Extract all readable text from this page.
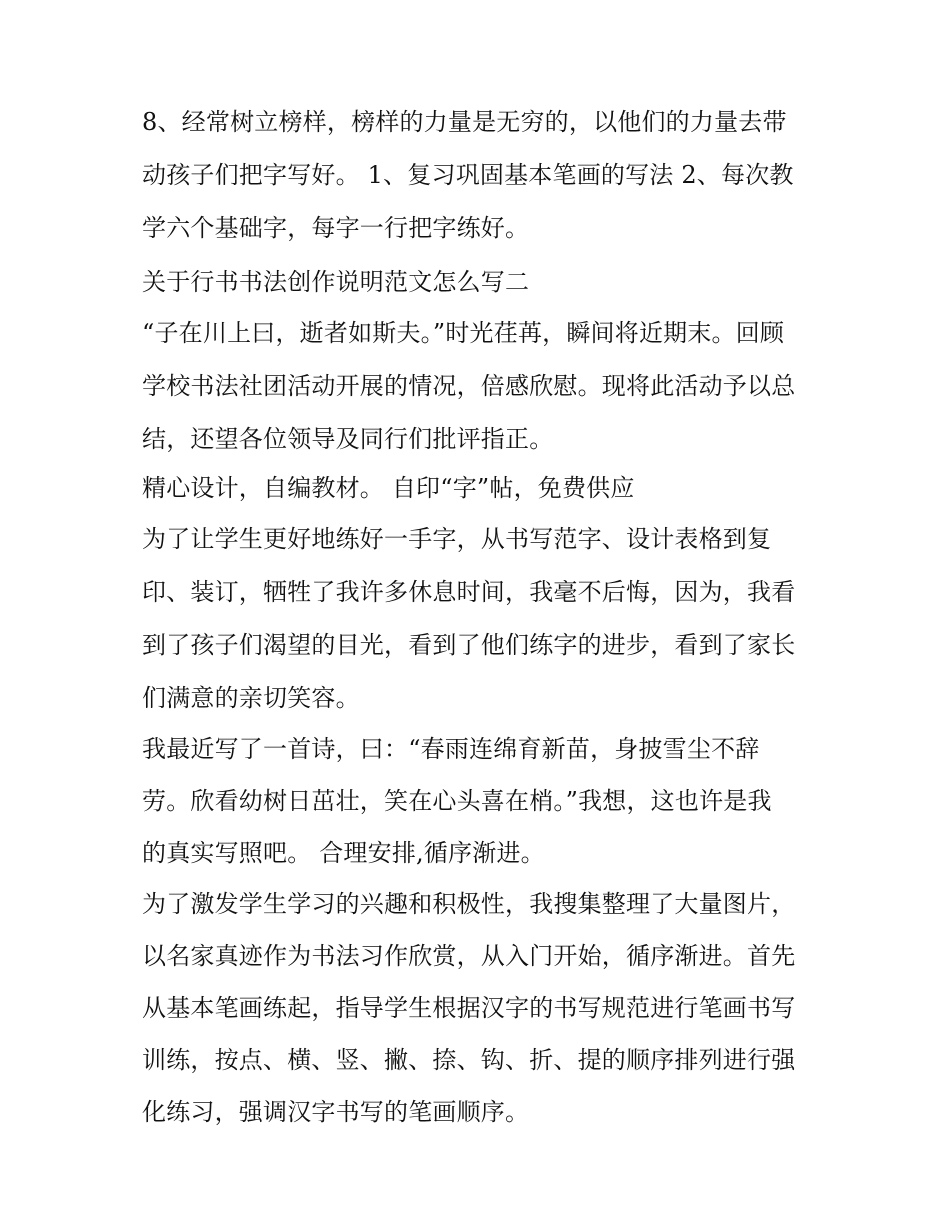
8、经常树立榜样，榜样的力量是无穷的，以他们的力量去带
动孩子们把字写好。 1、复习巩固基本笔画的写法 2、每次教
学六个基础字，每字一行把字练好。
关于行书书法创作说明范文怎么写二
“子在川上曰，逝者如斯夫。”时光荏苒，瞬间将近期末。回顾
学校书法社团活动开展的情况，倍感欣慰。现将此活动予以总
结，还望各位领导及同行们批评指正。
精心设计，自编教材。 自印“字”帖，免费供应
为了让学生更好地练好一手字，从书写范字、设计表格到复
印、装订，牺牲了我许多休息时间，我毫不后悔，因为，我看
到了孩子们渴望的目光，看到了他们练字的进步，看到了家长
们满意的亲切笑容。
我最近写了一首诗，曰：“春雨连绵育新苗，身披雪尘不辞
劳。欣看幼树日茁壮，笑在心头喜在梢。”我想，这也许是我
的真实写照吧。 合理安排,循序渐进。
为了激发学生学习的兴趣和积极性，我搜集整理了大量图片，
以名家真迹作为书法习作欣赏，从入门开始，循序渐进。首先
从基本笔画练起，指导学生根据汉字的书写规范进行笔画书写
训练，按点、横、竖、撇、捺、钩、折、提的顺序排列进行强
化练习，强调汉字书写的笔画顺序。
